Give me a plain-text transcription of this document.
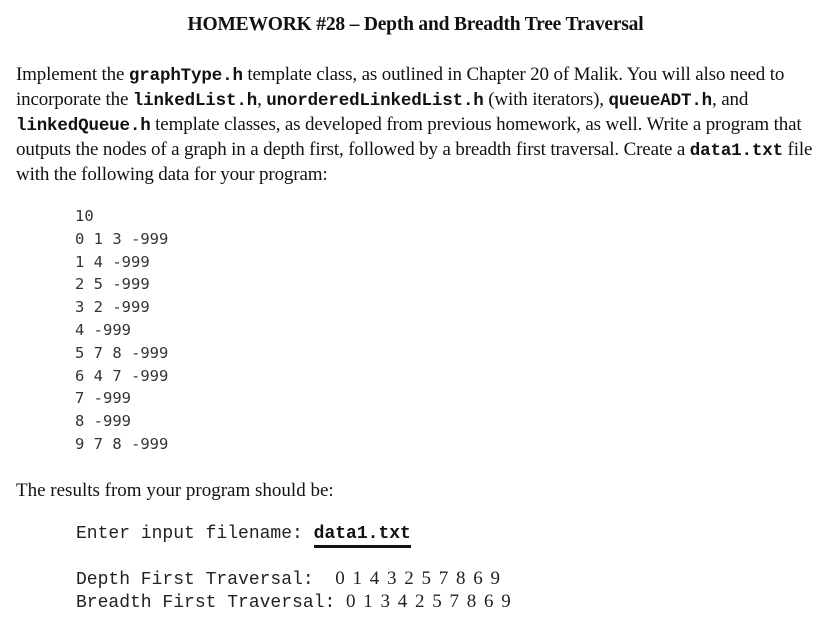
HOMEWORK #28 – Depth and Breadth Tree Traversal
Implement the graphType.h template class, as outlined in Chapter 20 of Malik. You will also need to incorporate the linkedList.h, unorderedLinkedList.h (with iterators), queueADT.h, and linkedQueue.h template classes, as developed from previous homework, as well. Write a program that outputs the nodes of a graph in a depth first, followed by a breadth first traversal. Create a data1.txt file with the following data for your program:
10
0 1 3 -999
1 4 -999
2 5 -999
3 2 -999
4 -999
5 7 8 -999
6 4 7 -999
7 -999
8 -999
9 7 8 -999
The results from your program should be:
Enter input filename: data1.txt
Depth First Traversal:  0 1 4 3 2 5 7 8 6 9
Breadth First Traversal: 0 1 3 4 2 5 7 8 6 9
